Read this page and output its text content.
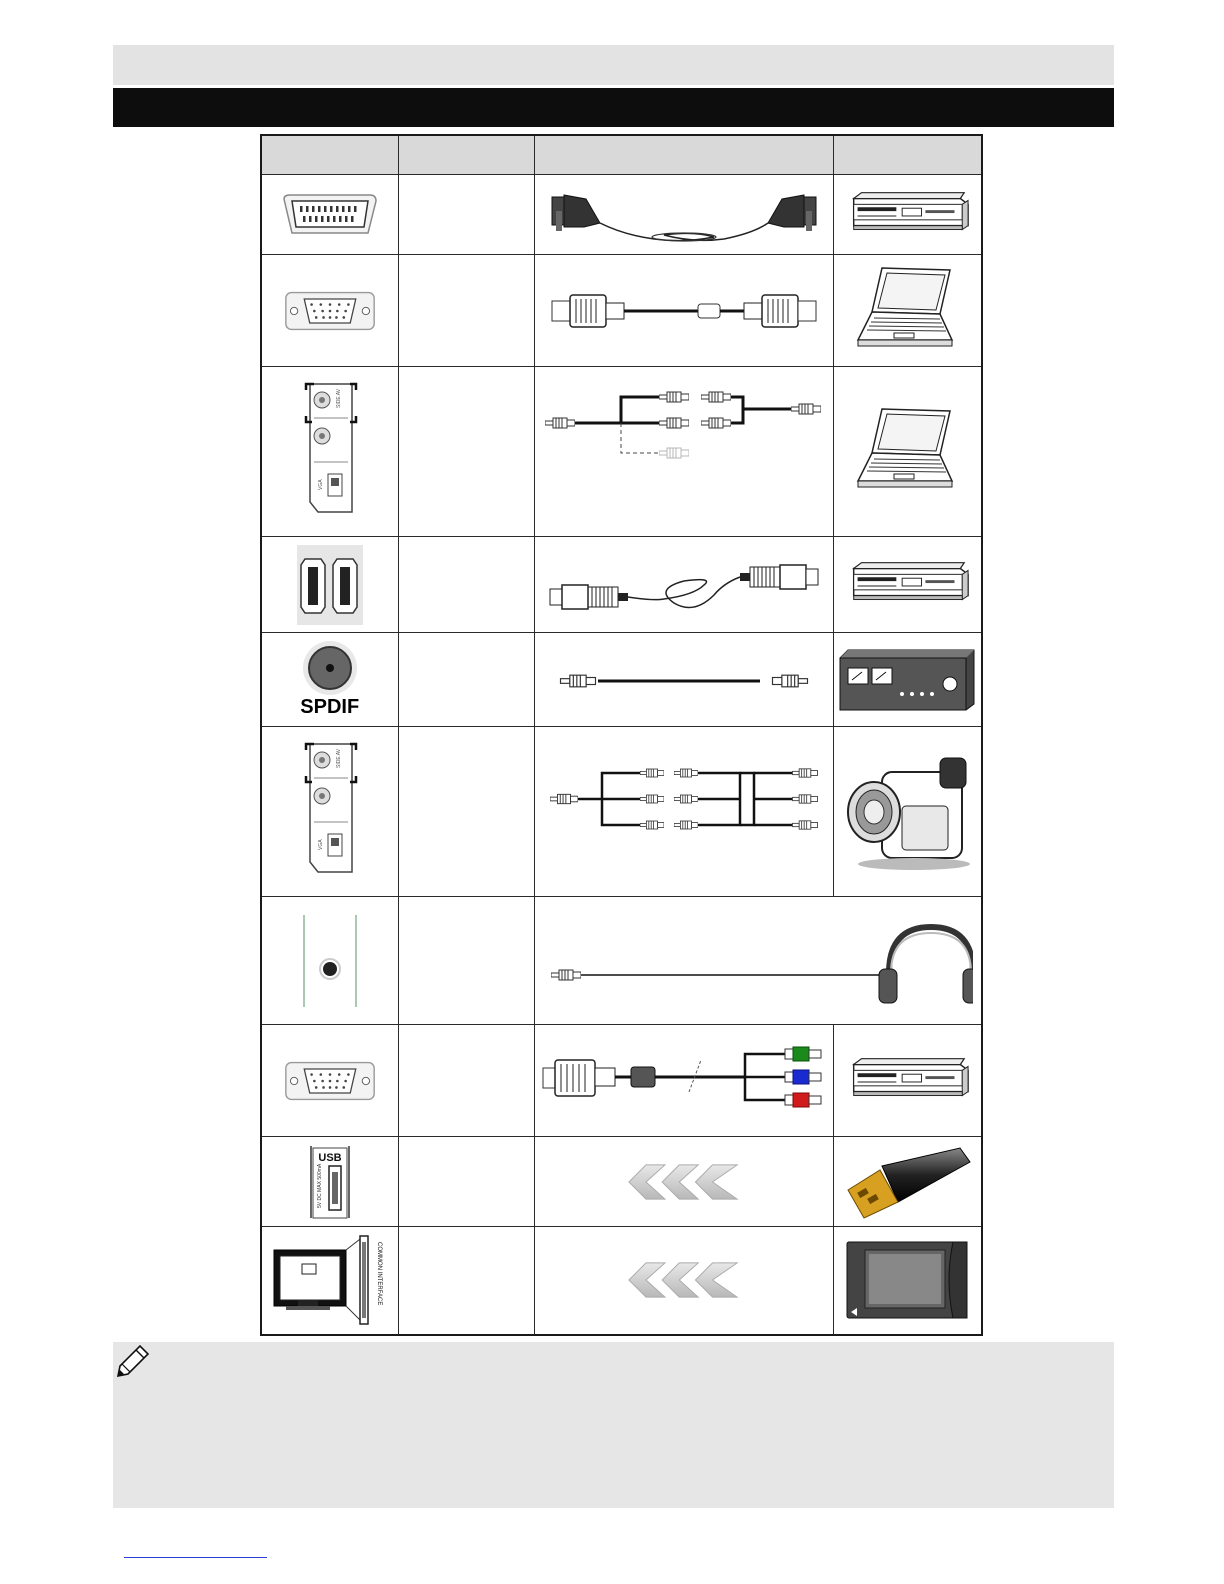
SPDIF

USB
5V DC MAX 500mA

COMMON INTERFACE
